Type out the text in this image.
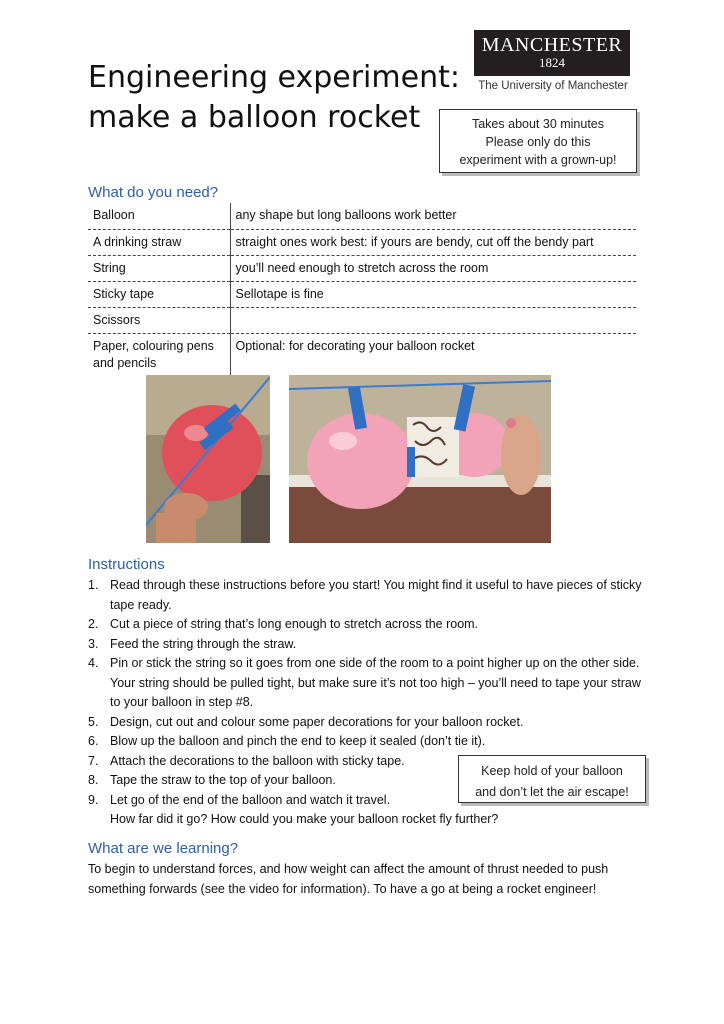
Engineering experiment:
make a balloon rocket
MANCHESTER
1824
The University of Manchester
Takes about 30 minutes
Please only do this
experiment with a grown-up!
What do you need?
Balloon	any shape but long balloons work better
A drinking straw	straight ones work best: if yours are bendy, cut off the bendy part
String	you’ll need enough to stretch across the room
Sticky tape	Sellotape is fine
Scissors	
Paper, colouring pens and pencils	Optional: for decorating your balloon rocket
Instructions
1. Read through these instructions before you start! You might find it useful to have pieces of sticky tape ready.
2. Cut a piece of string that’s long enough to stretch across the room.
3. Feed the string through the straw.
4. Pin or stick the string so it goes from one side of the room to a point higher up on the other side. Your string should be pulled tight, but make sure it’s not too high – you’ll need to tape your straw to your balloon in step #8.
5. Design, cut out and colour some paper decorations for your balloon rocket.
6. Blow up the balloon and pinch the end to keep it sealed (don’t tie it).
7. Attach the decorations to the balloon with sticky tape.
8. Tape the straw to the top of your balloon.
9. Let go of the end of the balloon and watch it travel.
How far did it go? How could you make your balloon rocket fly further?
Keep hold of your balloon
and don’t let the air escape!
What are we learning?
To begin to understand forces, and how weight can affect the amount of thrust needed to push something forwards (see the video for information). To have a go at being a rocket engineer!
